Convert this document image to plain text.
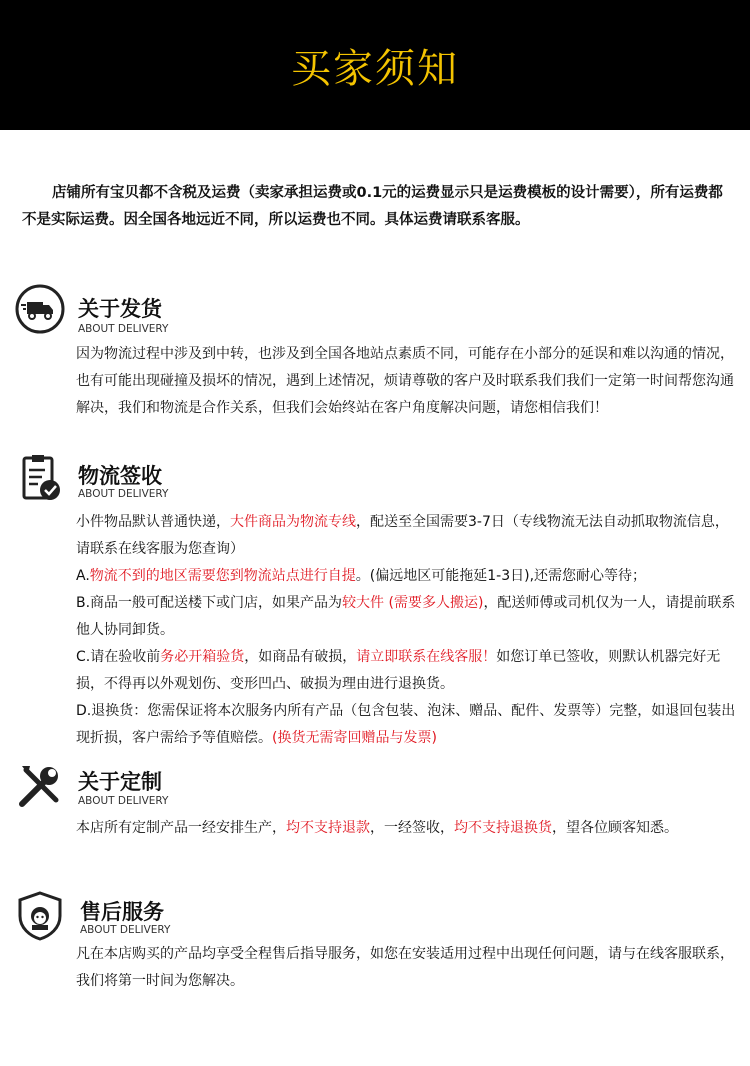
买家须知
店铺所有宝贝都不含税及运费（卖家承担运费或0.1元的运费显示只是运费模板的设计需要），所有运费都不是实际运费。因全国各地远近不同，所以运费也不同。具体运费请联系客服。
关于发货
ABOUT DELIVERY
因为物流过程中涉及到中转，也涉及到全国各地站点素质不同，可能存在小部分的延误和难以沟通的情况，也有可能出现碰撞及损坏的情况，遇到上述情况，烦请尊敬的客户及时联系我们我们一定第一时间帮您沟通解决，我们和物流是合作关系，但我们会始终站在客户角度解决问题，请您相信我们！
物流签收
ABOUT DELIVERY

小件物品默认普通快递，大件商品为物流专线，配送至全国需要3-7日（专线物流无法自动抓取物流信息，请联系在线客服为您查询）

A.物流不到的地区需要您到物流站点进行自提。(偏远地区可能拖延1-3日),还需您耐心等待；

B.商品一般可配送楼下或门店，如果产品为较大件 (需要多人搬运)，配送师傅或司机仅为一人，请提前联系他人协同卸货。

C.请在验收前务必开箱验货，如商品有破损，请立即联系在线客服！如您订单已签收，则默认机器完好无损，不得再以外观划伤、变形凹凸、破损为理由进行退换货。

D.退换货：您需保证将本次服务内所有产品（包含包装、泡沫、赠品、配件、发票等）完整，如退回包装出现折损，客户需给予等值赔偿。(换货无需寄回赠品与发票)

关于定制
ABOUT DELIVERY

本店所有定制产品一经安排生产，均不支持退款，一经签收，均不支持退换货，望各位顾客知悉。

售后服务
ABOUT DELIVERY
凡在本店购买的产品均享受全程售后指导服务，如您在安装适用过程中出现任何问题，请与在线客服联系，我们将第一时间为您解决。
